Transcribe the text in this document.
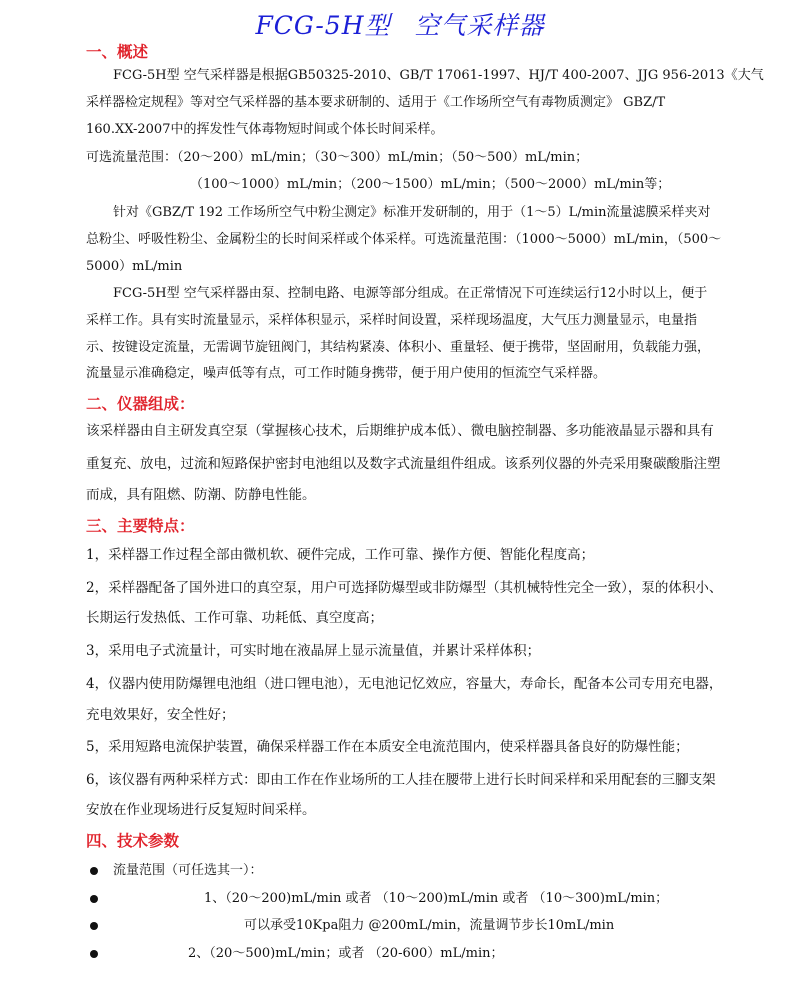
FCG-5H型 空气采样器
一、概述
FCG-5H型 空气采样器是根据GB50325-2010、GB/T 17061-1997、HJ/T 400-2007、JJG 956-2013《大气
采样器检定规程》等对空气采样器的基本要求研制的、适用于《工作场所空气有毒物质测定》 GBZ/T
160.XX-2007中的挥发性气体毒物短时间或个体长时间采样。
可选流量范围：（20～200）mL/min；（30～300）mL/min；（50～500）mL/min；
（100～1000）mL/min；（200～1500）mL/min；（500～2000）mL/min等；
针对《GBZ/T 192 工作场所空气中粉尘测定》标准开发研制的，用于（1～5）L/min流量滤膜采样夹对
总粉尘、呼吸性粉尘、金属粉尘的长时间采样或个体采样。可选流量范围：（1000～5000）mL/min，（500～
5000）mL/min
FCG-5H型 空气采样器由泵、控制电路、电源等部分组成。在正常情况下可连续运行12小时以上，便于
采样工作。具有实时流量显示，采样体积显示，采样时间设置，采样现场温度，大气压力测量显示，电量指
示、按键设定流量，无需调节旋钮阀门，其结构紧凑、体积小、重量轻、便于携带，坚固耐用，负载能力强，
流量显示准确稳定，噪声低等有点，可工作时随身携带，便于用户使用的恒流空气采样器。
二、仪器组成：
该采样器由自主研发真空泵（掌握核心技术，后期维护成本低）、微电脑控制器、多功能液晶显示器和具有
重复充、放电，过流和短路保护密封电池组以及数字式流量组件组成。该系列仪器的外壳采用聚碳酸脂注塑
而成，具有阻燃、防潮、防静电性能。
三、主要特点：
1，采样器工作过程全部由微机软、硬件完成，工作可靠、操作方便、智能化程度高；
2，采样器配备了国外进口的真空泵，用户可选择防爆型或非防爆型（其机械特性完全一致），泵的体积小、
长期运行发热低、工作可靠、功耗低、真空度高；
3，采用电子式流量计，可实时地在液晶屏上显示流量值，并累计采样体积；
4，仪器内使用防爆锂电池组（进口锂电池），无电池记忆效应，容量大，寿命长，配备本公司专用充电器，
充电效果好，安全性好；
5，采用短路电流保护装置，确保采样器工作在本质安全电流范围内，使采样器具备良好的防爆性能；
6，该仪器有两种采样方式：即由工作在作业场所的工人挂在腰带上进行长时间采样和采用配套的三腳支架
安放在作业现场进行反复短时间采样。
四、技术参数
流量范围（可任选其一）：
1、（20～200)mL/min 或者 （10～200)mL/min 或者 （10～300)mL/min；
可以承受10Kpa阻力 @200mL/min，流量调节步长10mL/min
2、（20～500)mL/min；或者 （20-600）mL/min；
